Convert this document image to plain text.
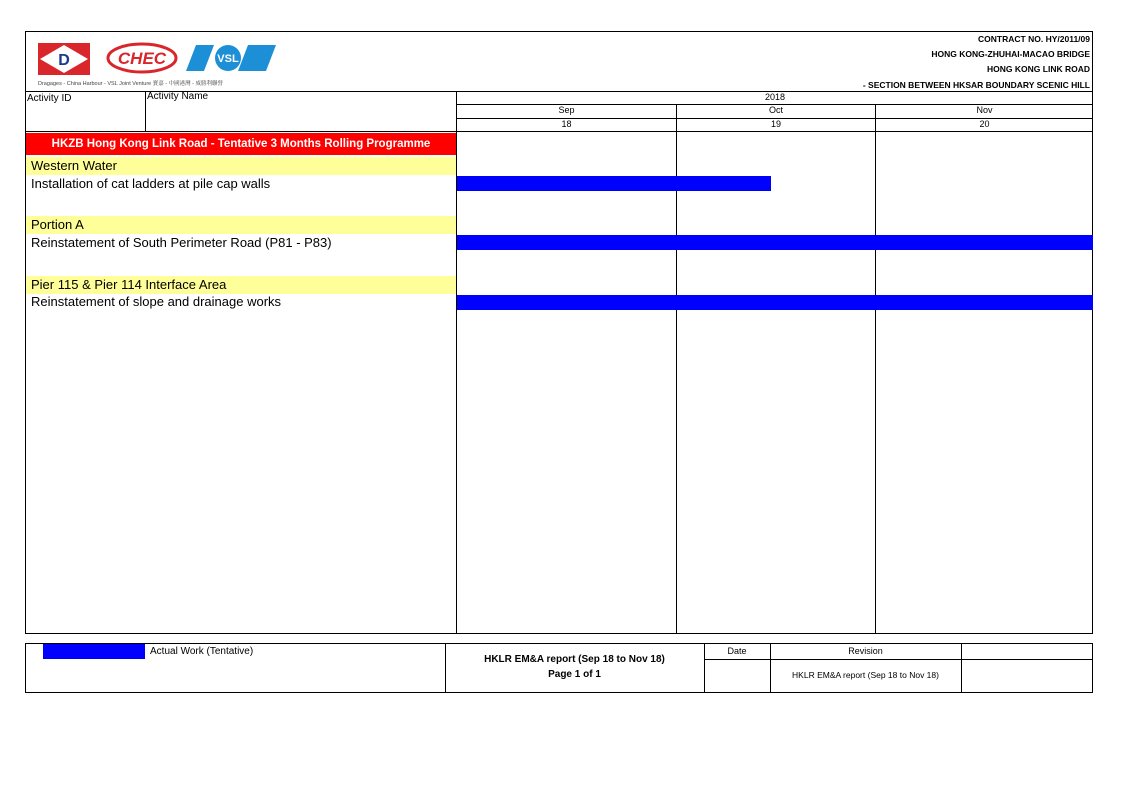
D	CHEC	VSL
Dragages - China Harbour - VSL Joint Venture 寶嘉 - 中國港灣 - 威勝利聯營
CONTRACT NO. HY/2011/09
HONG KONG-ZHUHAI-MACAO BRIDGE
HONG KONG LINK ROAD
- SECTION BETWEEN HKSAR BOUNDARY SCENIC HILL
Activity ID	Activity Name	2018
Sep	Oct	Nov
18	19	20
HKZB Hong Kong Link Road - Tentative 3 Months Rolling Programme
Western Water
Installation of cat ladders at pile cap walls
Portion A
Reinstatement of South Perimeter Road (P81 - P83)
Pier 115 & Pier 114 Interface Area
Reinstatement of slope and drainage works
Actual Work (Tentative)
HKLR EM&A report (Sep 18 to Nov 18)
Page 1 of 1
Date	Revision
HKLR EM&A report (Sep 18 to Nov 18)
